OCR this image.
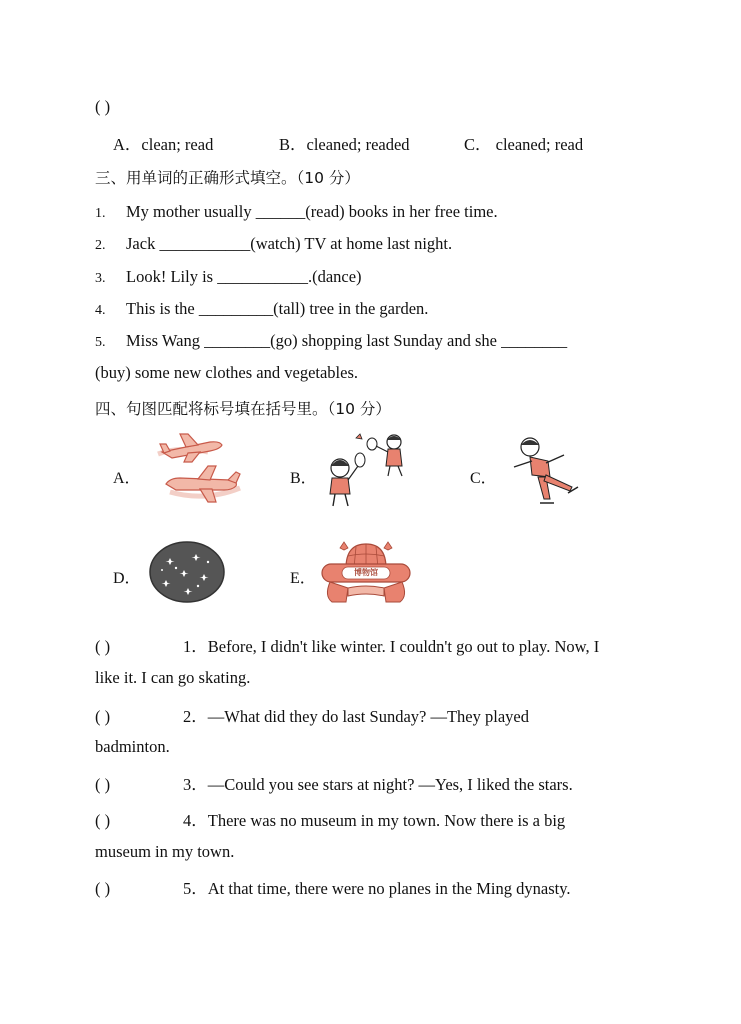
( )
A．clean; read	B．cleaned; readed	C． cleaned; read
三、用单词的正确形式填空。（10 分）
1. My mother usually ______(read) books in her free time.
2. Jack ___________(watch) TV at home last night.
3. Look! Lily is ___________.(dance)
4. This is the _________(tall) tree in the garden.
5. Miss Wang ________(go) shopping last Sunday and she ________
(buy) some new clothes and vegetables.
四、句图匹配将标号填在括号里。（10 分）
A．	B．	C．
D．	E．	博物馆
( )	1．Before, I didn't like winter. I couldn't go out to play. Now, I
like it. I can go skating.
( )	2．—What did they do last Sunday? —They played
badminton.
( )	3．—Could you see stars at night? —Yes, I liked the stars.
( )	4．There was no museum in my town. Now there is a big
museum in my town.
( )	5．At that time, there were no planes in the Ming dynasty.
